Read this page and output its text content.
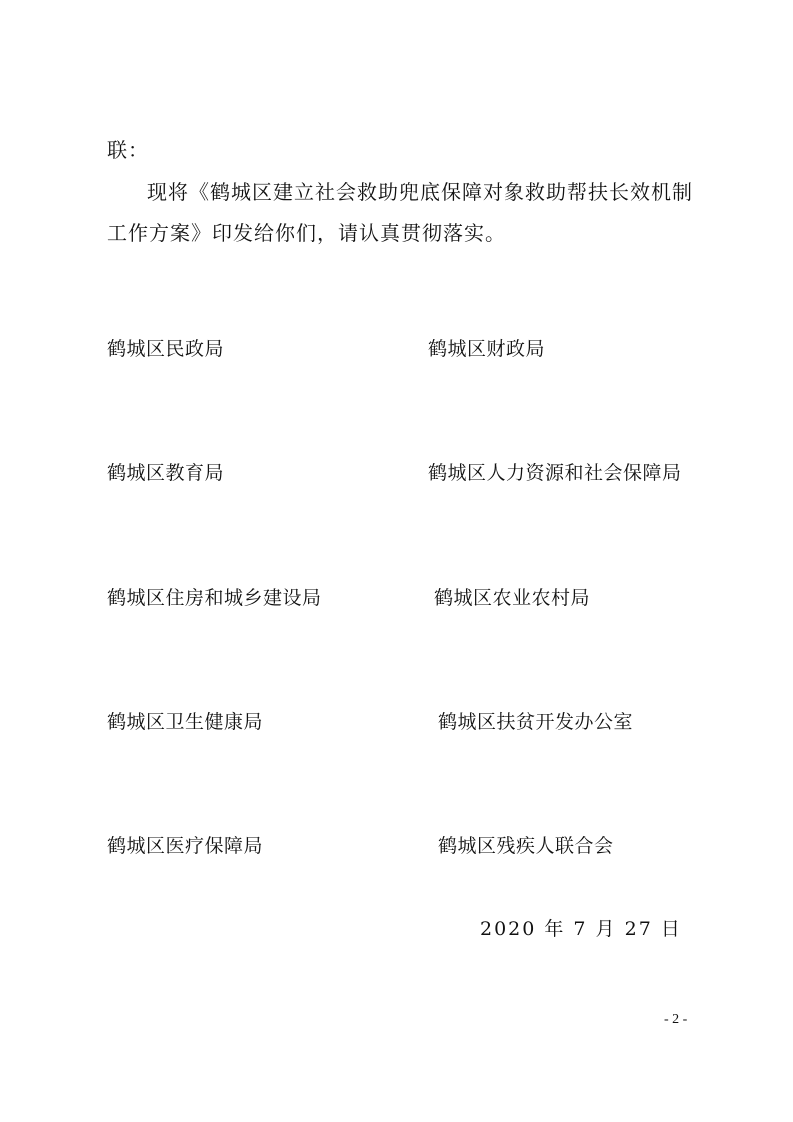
联：
现将《鹤城区建立社会救助兜底保障对象救助帮扶长效机制
工作方案》印发给你们，请认真贯彻落实。
鹤城区民政局	鹤城区财政局
鹤城区教育局	鹤城区人力资源和社会保障局
鹤城区住房和城乡建设局	鹤城区农业农村局
鹤城区卫生健康局	鹤城区扶贫开发办公室
鹤城区医疗保障局	鹤城区残疾人联合会
2020 年 7 月 27 日
- 2 -
